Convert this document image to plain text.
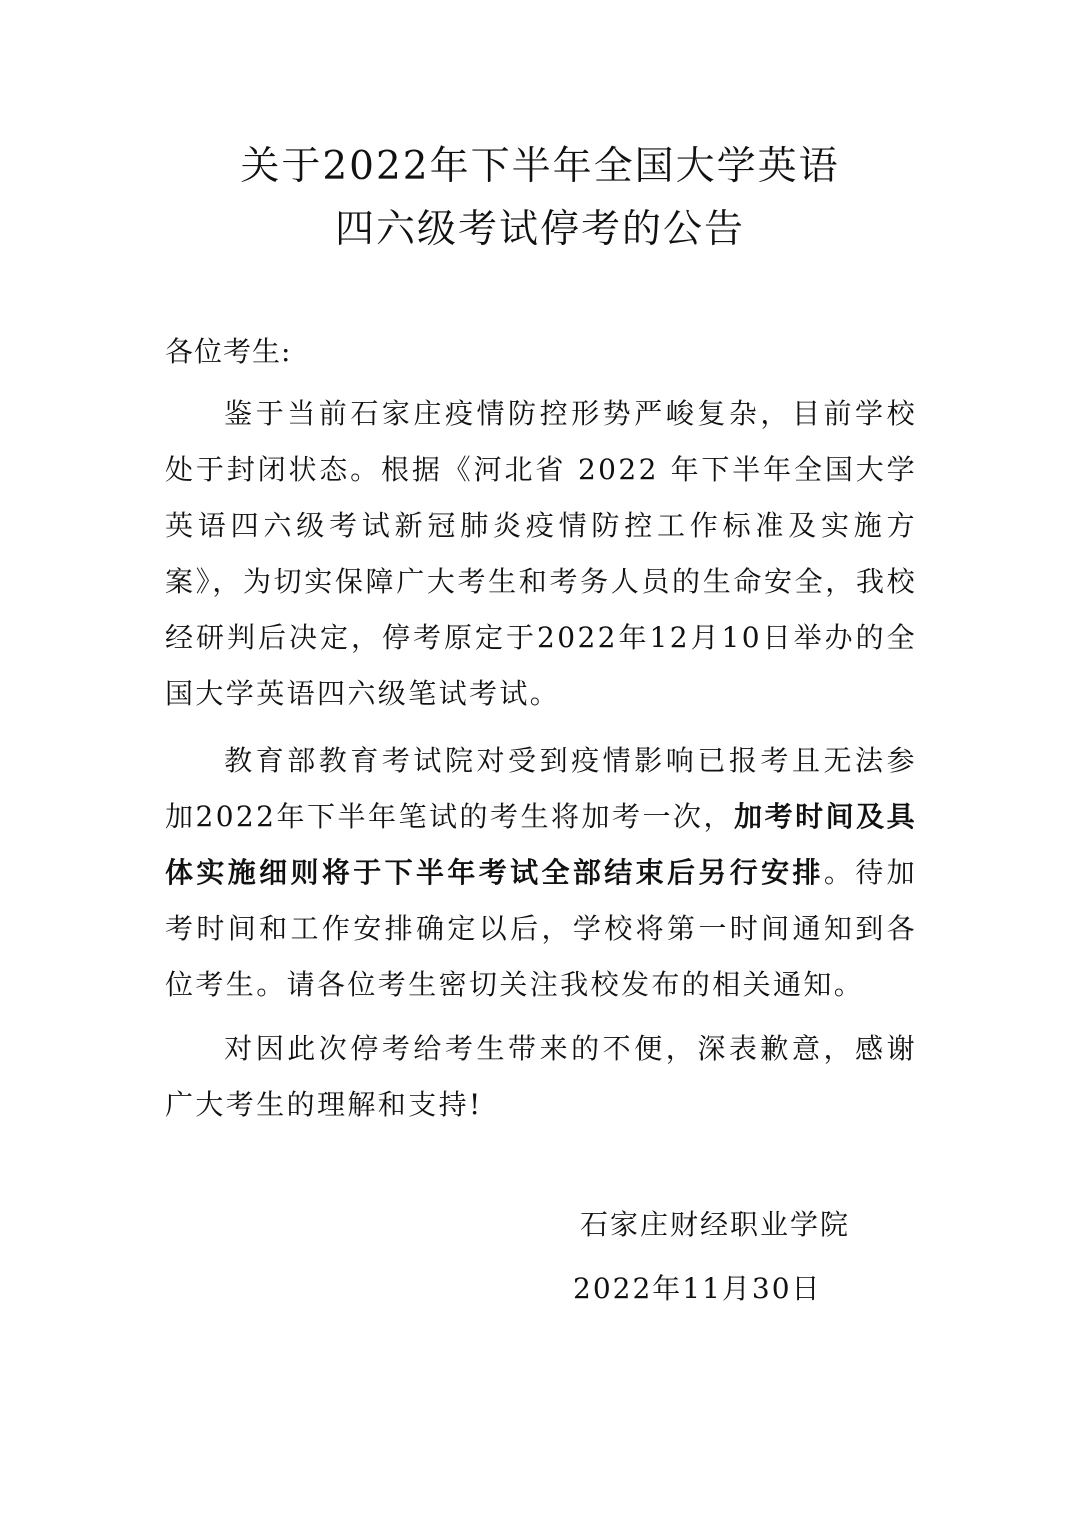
关于2022年下半年全国大学英语
四六级考试停考的公告

各位考生:

鉴于当前石家庄疫情防控形势严峻复杂，目前学校处于封闭状态。根据《河北省 2022 年下半年全国大学英语四六级考试新冠肺炎疫情防控工作标准及实施方案》，为切实保障广大考生和考务人员的生命安全，我校经研判后决定，停考原定于2022年12月10日举办的全国大学英语四六级笔试考试。

教育部教育考试院对受到疫情影响已报考且无法参加2022年下半年笔试的考生将加考一次，加考时间及具体实施细则将于下半年考试全部结束后另行安排。待加考时间和工作安排确定以后，学校将第一时间通知到各位考生。请各位考生密切关注我校发布的相关通知。

对因此次停考给考生带来的不便，深表歉意，感谢广大考生的理解和支持!

石家庄财经职业学院

2022年11月30日
